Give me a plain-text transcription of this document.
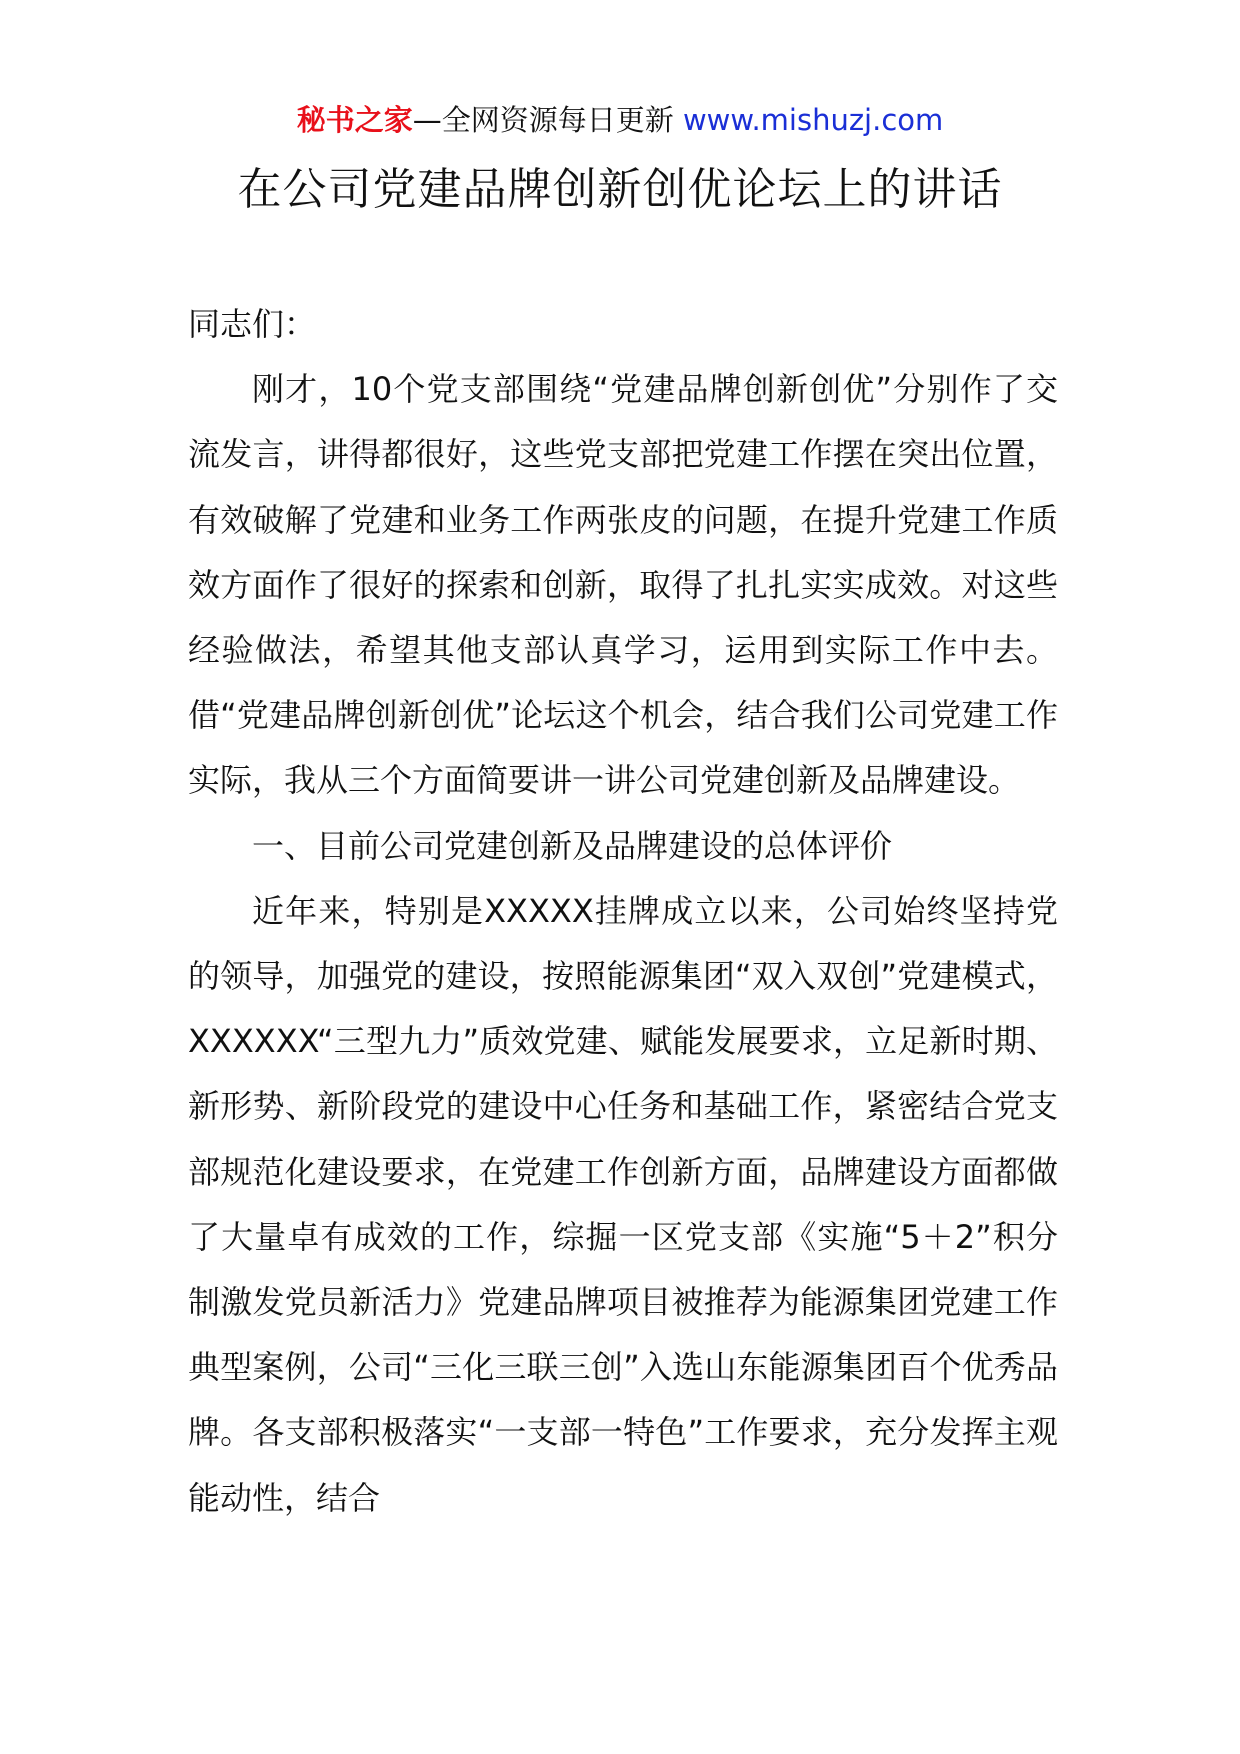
秘书之家—全网资源每日更新 www.mishuzj.com
在公司党建品牌创新创优论坛上的讲话

同志们：

刚才，10个党支部围绕“党建品牌创新创优”分别作了交流发言，讲得都很好，这些党支部把党建工作摆在突出位置，有效破解了党建和业务工作两张皮的问题，在提升党建工作质效方面作了很好的探索和创新，取得了扎扎实实成效。对这些经验做法，希望其他支部认真学习，运用到实际工作中去。借“党建品牌创新创优”论坛这个机会，结合我们公司党建工作实际，我从三个方面简要讲一讲公司党建创新及品牌建设。

一、目前公司党建创新及品牌建设的总体评价

近年来，特别是XXXXX挂牌成立以来，公司始终坚持党的领导，加强党的建设，按照能源集团“双入双创”党建模式，XXXXXX“三型九力”质效党建、赋能发展要求，立足新时期、新形势、新阶段党的建设中心任务和基础工作，紧密结合党支部规范化建设要求，在党建工作创新方面，品牌建设方面都做了大量卓有成效的工作，综掘一区党支部《实施“5＋2”积分制激发党员新活力》党建品牌项目被推荐为能源集团党建工作典型案例，公司“三化三联三创”入选山东能源集团百个优秀品牌。各支部积极落实“一支部一特色”工作要求，充分发挥主观能动性，结合
